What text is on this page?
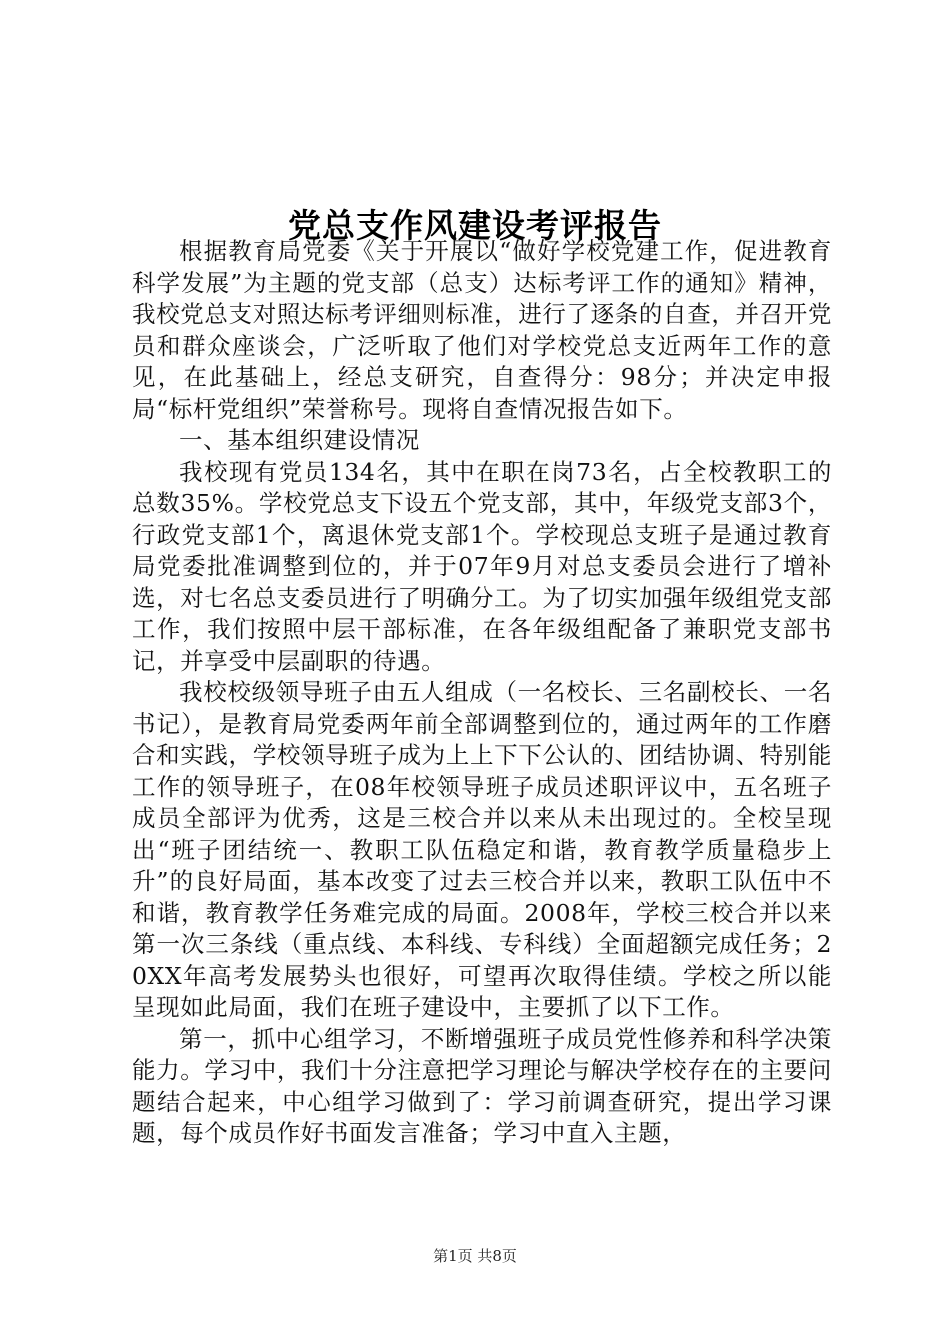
党总支作风建设考评报告

根据教育局党委《关于开展以“做好学校党建工作，促进教育科学发展”为主题的党支部（总支）达标考评工作的通知》精神，我校党总支对照达标考评细则标准，进行了逐条的自查，并召开党员和群众座谈会，广泛听取了他们对学校党总支近两年工作的意见，在此基础上，经总支研究，自查得分：98分；并决定申报局“标杆党组织”荣誉称号。现将自查情况报告如下。

一、基本组织建设情况

我校现有党员134名，其中在职在岗73名，占全校教职工的总数35%。学校党总支下设五个党支部，其中，年级党支部3个，行政党支部1个，离退休党支部1个。学校现总支班子是通过教育局党委批准调整到位的，并于07年9月对总支委员会进行了增补选，对七名总支委员进行了明确分工。为了切实加强年级组党支部工作，我们按照中层干部标准，在各年级组配备了兼职党支部书记，并享受中层副职的待遇。

我校校级领导班子由五人组成（一名校长、三名副校长、一名书记），是教育局党委两年前全部调整到位的，通过两年的工作磨合和实践，学校领导班子成为上上下下公认的、团结协调、特别能工作的领导班子，在08年校领导班子成员述职评议中，五名班子成员全部评为优秀，这是三校合并以来从未出现过的。全校呈现出“班子团结统一、教职工队伍稳定和谐，教育教学质量稳步上升”的良好局面，基本改变了过去三校合并以来，教职工队伍中不和谐，教育教学任务难完成的局面。2008年，学校三校合并以来第一次三条线（重点线、本科线、专科线）全面超额完成任务；20XX年高考发展势头也很好，可望再次取得佳绩。学校之所以能呈现如此局面，我们在班子建设中，主要抓了以下工作。

第一，抓中心组学习，不断增强班子成员党性修养和科学决策能力。学习中，我们十分注意把学习理论与解决学校存在的主要问题结合起来，中心组学习做到了：学习前调查研究，提出学习课题，每个成员作好书面发言准备；学习中直入主题，

第1页 共8页
